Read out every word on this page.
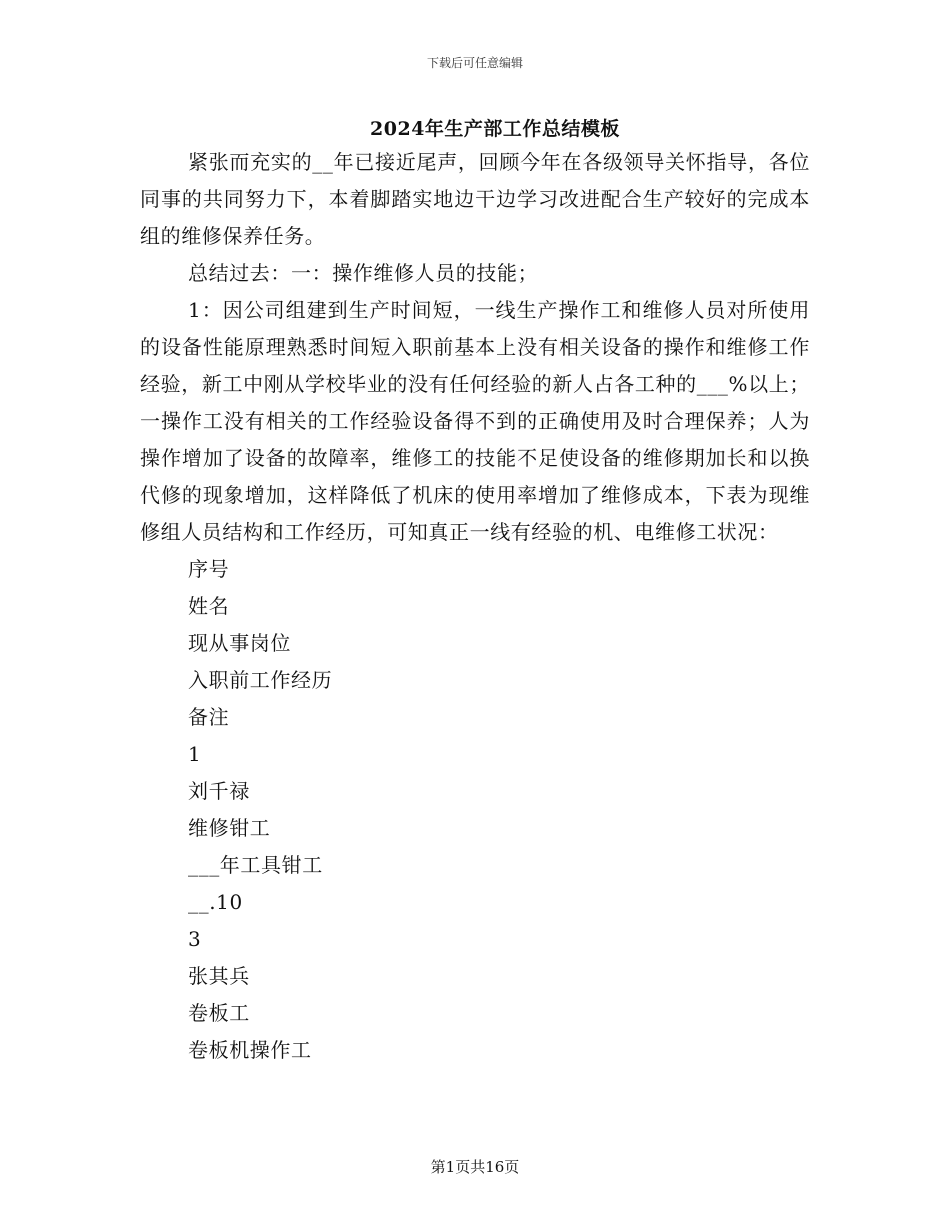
下载后可任意编辑
2024年生产部工作总结模板

紧张而充实的__年已接近尾声，回顾今年在各级领导关怀指导，各位同事的共同努力下，本着脚踏实地边干边学习改进配合生产较好的完成本组的维修保养任务。

总结过去：一：操作维修人员的技能；

1：因公司组建到生产时间短，一线生产操作工和维修人员对所使用的设备性能原理熟悉时间短入职前基本上没有相关设备的操作和维修工作经验，新工中刚从学校毕业的没有任何经验的新人占各工种的___%以上；一操作工没有相关的工作经验设备得不到的正确使用及时合理保养；人为操作增加了设备的故障率，维修工的技能不足使设备的维修期加长和以换代修的现象增加，这样降低了机床的使用率增加了维修成本，下表为现维修组人员结构和工作经历，可知真正一线有经验的机、电维修工状况：

序号

姓名

现从事岗位

入职前工作经历

备注

1

刘千禄

维修钳工

___年工具钳工

__.10

3

张其兵

卷板工

卷板机操作工

第1页共16页
